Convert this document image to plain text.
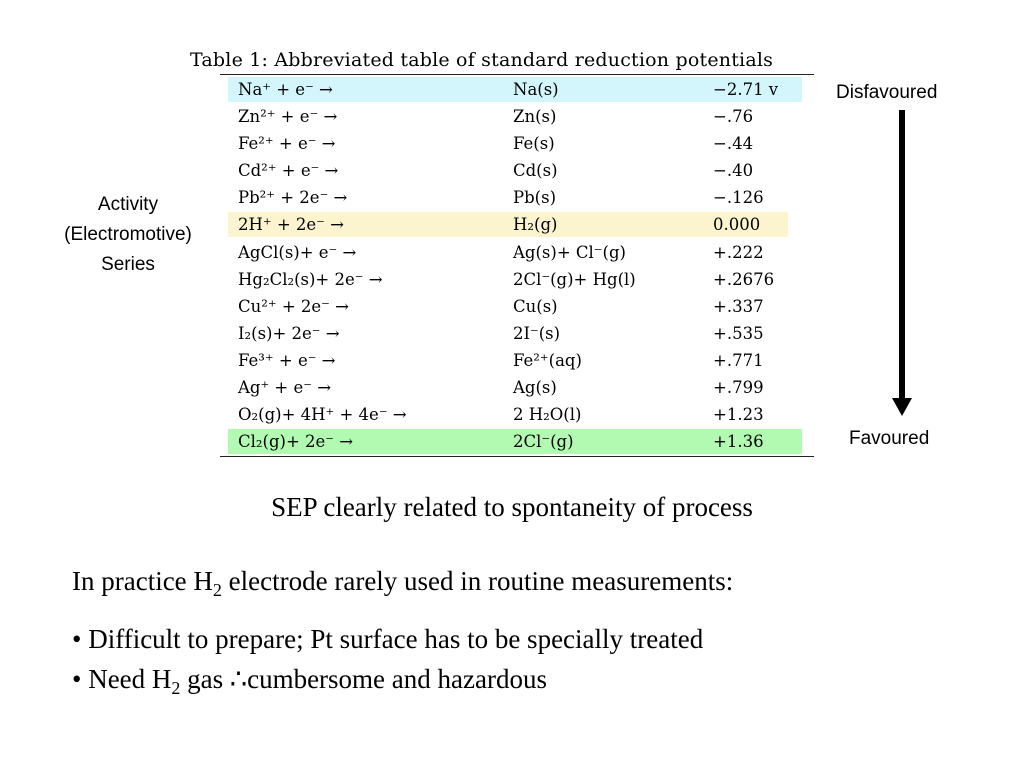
Table 1: Abbreviated table of standard reduction potentials
Na⁺ + e⁻ →	Na(s)	−2.71 v
Zn²⁺ + e⁻ →	Zn(s)	−.76
Fe²⁺ + e⁻ →	Fe(s)	−.44
Cd²⁺ + e⁻ →	Cd(s)	−.40
Pb²⁺ + 2e⁻ →	Pb(s)	−.126
2H⁺ + 2e⁻ →	H₂(g)	0.000
AgCl(s)+ e⁻ →	Ag(s)+ Cl⁻(g)	+.222
Hg₂Cl₂(s)+ 2e⁻ →	2Cl⁻(g)+ Hg(l)	+.2676
Cu²⁺ + 2e⁻ →	Cu(s)	+.337
I₂(s)+ 2e⁻ →	2I⁻(s)	+.535
Fe³⁺ + e⁻ →	Fe²⁺(aq)	+.771
Ag⁺ + e⁻ →	Ag(s)	+.799
O₂(g)+ 4H⁺ + 4e⁻ →	2 H₂O(l)	+1.23
Cl₂(g)+ 2e⁻ →	2Cl⁻(g)	+1.36
Activity
(Electromotive)
Series
Disfavoured
Favoured
SEP clearly related to spontaneity of process
In practice $H_2$ electrode rarely used in routine measurements:
• Difficult to prepare; Pt surface has to be specially treated
• Need $H_2$ gas ∴cumbersome and hazardous
